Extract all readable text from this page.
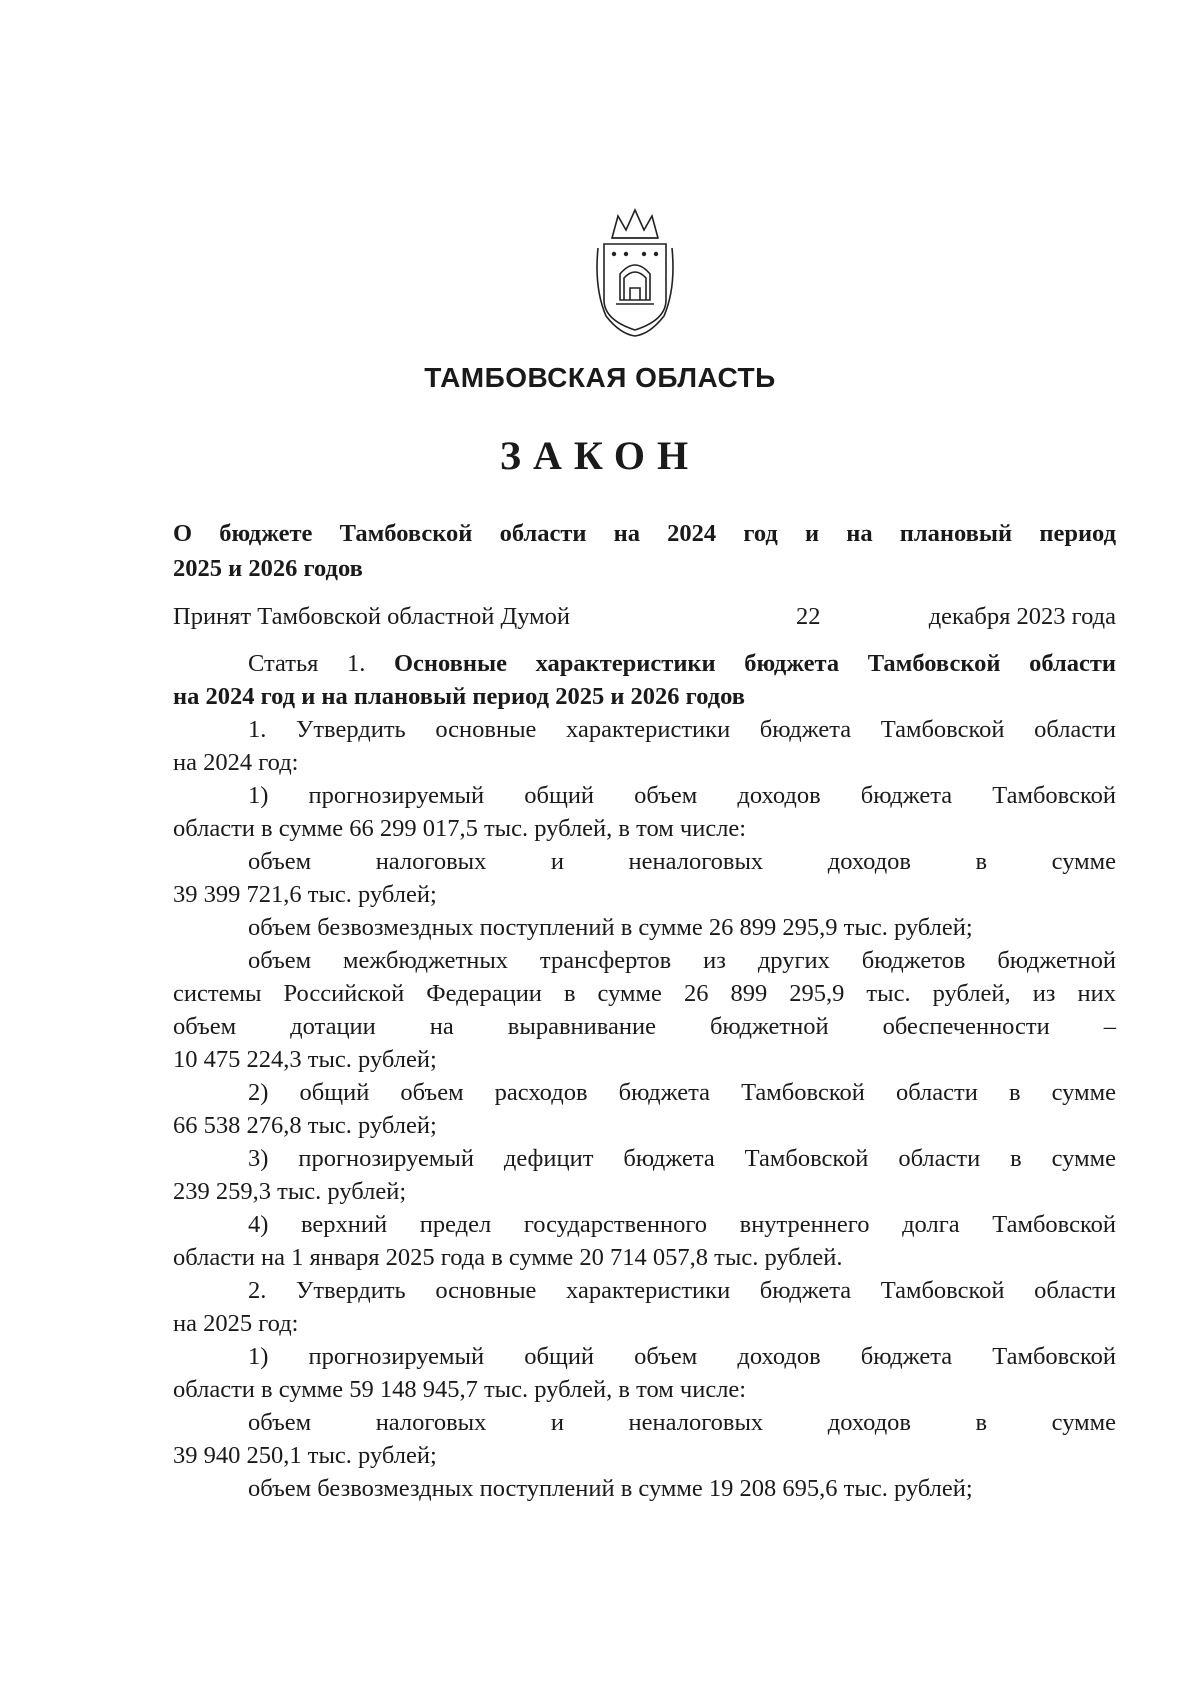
ТАМБОВСКАЯ ОБЛАСТЬ
ЗАКОН

О бюджете Тамбовской области на 2024 год и на плановый период

2025 и 2026 годов

Принят Тамбовской областной Думой	22	декабря 2023 года

Статья 1. Основные характеристики бюджета Тамбовской области

на 2024 год и на плановый период 2025 и 2026 годов

1. Утвердить основные характеристики бюджета Тамбовской области

на 2024 год:

1) прогнозируемый общий объем доходов бюджета Тамбовской

области в сумме 66 299 017,5 тыс. рублей, в том числе:

объем налоговых и неналоговых доходов в сумме

39 399 721,6 тыс. рублей;

объем безвозмездных поступлений в сумме 26 899 295,9 тыс. рублей;

объем межбюджетных трансфертов из других бюджетов бюджетной

системы Российской Федерации в сумме 26 899 295,9 тыс. рублей, из них

объем дотации на выравнивание бюджетной обеспеченности –

10 475 224,3 тыс. рублей;

2) общий объем расходов бюджета Тамбовской области в сумме

66 538 276,8 тыс. рублей;

3) прогнозируемый дефицит бюджета Тамбовской области в сумме

239 259,3 тыс. рублей;

4) верхний предел государственного внутреннего долга Тамбовской

области на 1 января 2025 года в сумме 20 714 057,8 тыс. рублей.

2. Утвердить основные характеристики бюджета Тамбовской области

на 2025 год:

1) прогнозируемый общий объем доходов бюджета Тамбовской

области в сумме 59 148 945,7 тыс. рублей, в том числе:

объем налоговых и неналоговых доходов в сумме

39 940 250,1 тыс. рублей;

объем безвозмездных поступлений в сумме 19 208 695,6 тыс. рублей;
